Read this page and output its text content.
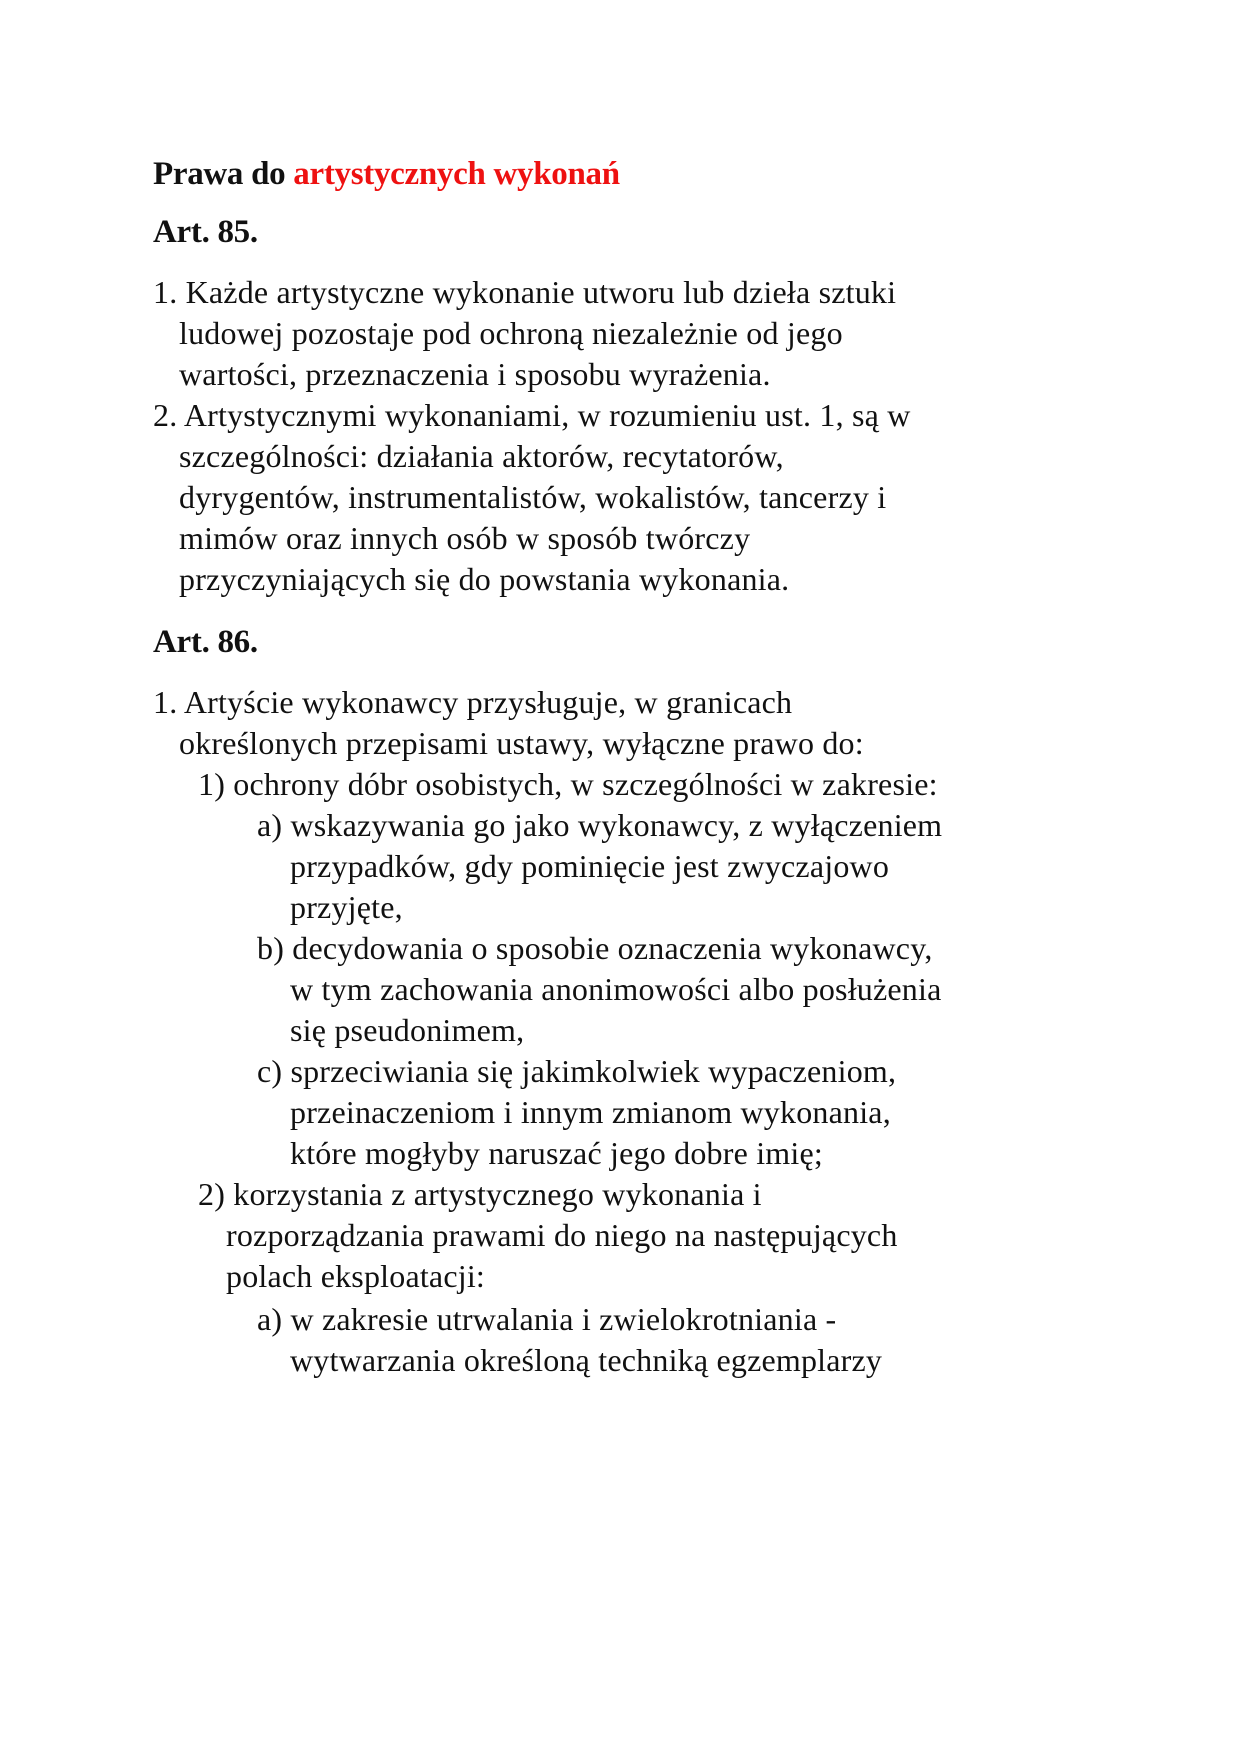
Prawa do artystycznych wykonań
Art. 85.
1. Każde artystyczne wykonanie utworu lub dzieła sztuki
ludowej pozostaje pod ochroną niezależnie od jego
wartości, przeznaczenia i sposobu wyrażenia.
2. Artystycznymi wykonaniami, w rozumieniu ust. 1, są w
szczególności: działania aktorów, recytatorów,
dyrygentów, instrumentalistów, wokalistów, tancerzy i
mimów oraz innych osób w sposób twórczy
przyczyniających się do powstania wykonania.
Art. 86.
1. Artyście wykonawcy przysługuje, w granicach
określonych przepisami ustawy, wyłączne prawo do:
1) ochrony dóbr osobistych, w szczególności w zakresie:
a) wskazywania go jako wykonawcy, z wyłączeniem
przypadków, gdy pominięcie jest zwyczajowo
przyjęte,
b) decydowania o sposobie oznaczenia wykonawcy,
w tym zachowania anonimowości albo posłużenia
się pseudonimem,
c) sprzeciwiania się jakimkolwiek wypaczeniom,
przeinaczeniom i innym zmianom wykonania,
które mogłyby naruszać jego dobre imię;
2) korzystania z artystycznego wykonania i
rozporządzania prawami do niego na następujących
polach eksploatacji:
a) w zakresie utrwalania i zwielokrotniania -
wytwarzania określoną techniką egzemplarzy
